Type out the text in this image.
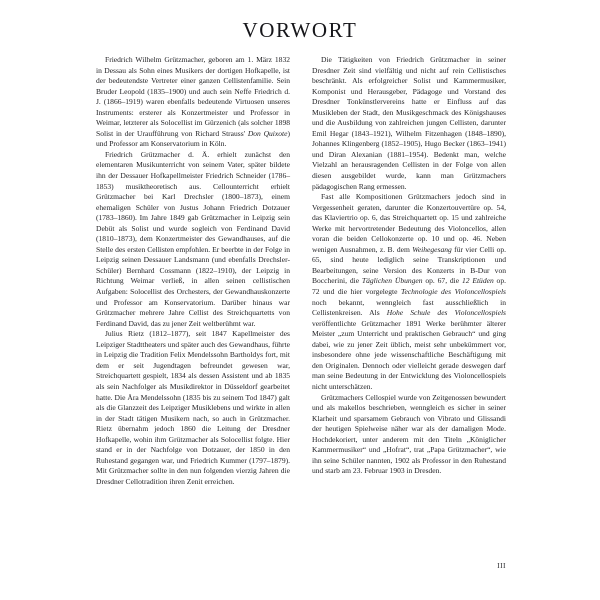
VORWORT

Friedrich Wilhelm Grützmacher, geboren am 1. März 1832 in Dessau als Sohn eines Musikers der dortigen Hofkapelle, ist der bedeutendste Vertreter einer ganzen Cellistenfamilie. Sein Bruder Leopold (1835–1900) und auch sein Neffe Friedrich d. J. (1866–1919) waren ebenfalls bedeutende Virtuosen unseres Instruments: ersterer als Konzertmeister und Professor in Weimar, letzterer als Solocellist im Gürzenich (als solcher 1898 Solist in der Uraufführung von Richard Strauss' Don Quixote) und Professor am Konservatorium in Köln.

Friedrich Grützmacher d. Ä. erhielt zunächst den elementaren Musikunterricht von seinem Vater, später bildete ihn der Dessauer Hofkapellmeister Friedrich Schneider (1786–1853) musiktheoretisch aus. Cellounterricht erhielt Grützmacher bei Karl Drechsler (1800–1873), einem ehemaligen Schüler von Justus Johann Friedrich Dotzauer (1783–1860). Im Jahre 1849 gab Grützmacher in Leipzig sein Debüt als Solist und wurde sogleich von Ferdinand David (1810–1873), dem Konzertmeister des Gewandhauses, auf die Stelle des ersten Cellisten empfohlen. Er beerbte in der Folge in Leipzig seinen Dessauer Landsmann (und ebenfalls Drechsler-Schüler) Bernhard Cossmann (1822–1910), der Leipzig in Richtung Weimar verließ, in allen seinen cellistischen Aufgaben: Solocellist des Orchesters, der Gewandhauskonzerte und Professor am Konservatorium. Darüber hinaus war Grützmacher mehrere Jahre Cellist des Streichquartetts von Ferdinand David, das zu jener Zeit weltberühmt war.

Julius Rietz (1812–1877), seit 1847 Kapellmeister des Leipziger Stadttheaters und später auch des Gewandhaus, führte in Leipzig die Tradition Felix Mendelssohn Bartholdys fort, mit dem er seit Jugendtagen befreundet gewesen war, Streichquartett gespielt, 1834 als dessen Assistent und ab 1835 als sein Nachfolger als Musikdirektor in Düsseldorf gearbeitet hatte. Die Ära Mendelssohn (1835 bis zu seinem Tod 1847) galt als die Glanzzeit des Leipziger Musiklebens und wirkte in allen in der Stadt tätigen Musikern nach, so auch in Grützmacher. Rietz übernahm jedoch 1860 die Leitung der Dresdner Hofkapelle, wohin ihm Grützmacher als Solocellist folgte. Hier stand er in der Nachfolge von Dotzauer, der 1850 in den Ruhestand gegangen war, und Friedrich Kummer (1797–1879). Mit Grützmacher sollte in den nun folgenden vierzig Jahren die Dresdner Cellotradition ihren Zenit erreichen.

Die Tätigkeiten von Friedrich Grützmacher in seiner Dresdner Zeit sind vielfältig und nicht auf rein Cellistisches beschränkt. Als erfolgreicher Solist und Kammermusiker, Komponist und Herausgeber, Pädagoge und Vorstand des Dresdner Tonkünstlervereins hatte er Einfluss auf das Musikleben der Stadt, den Musikgeschmack des Königshauses und die Ausbildung von zahlreichen jungen Cellisten, darunter Emil Hegar (1843–1921), Wilhelm Fitzenhagen (1848–1890), Johannes Klingenberg (1852–1905), Hugo Becker (1863–1941) und Diran Alexanian (1881–1954). Bedenkt man, welche Vielzahl an herausragenden Cellisten in der Folge von allen diesen ausgebildet wurde, kann man Grützmachers pädagogischen Rang ermessen.

Fast alle Kompositionen Grützmachers jedoch sind in Vergessenheit geraten, darunter die Konzertouvertüre op. 54, das Klaviertrio op. 6, das Streichquartett op. 15 und zahlreiche Werke mit hervortretender Bedeutung des Violoncellos, allen voran die beiden Cellokonzerte op. 10 und op. 46. Neben wenigen Ausnahmen, z. B. dem Weihegesang für vier Celli op. 65, sind heute lediglich seine Transkriptionen und Bearbeitungen, seine Version des Konzerts in B-Dur von Boccherini, die Täglichen Übungen op. 67, die 12 Etüden op. 72 und die hier vorgelegte Technologie des Violoncellospiels noch bekannt, wenngleich fast ausschließlich in Cellistenkreisen. Als Hohe Schule des Violoncellospiels veröffentlichte Grützmacher 1891 Werke berühmter älterer Meister „zum Unterricht und praktischen Gebrauch“ und ging dabei, wie zu jener Zeit üblich, meist sehr unbekümmert vor, insbesondere ohne jede wissenschaftliche Beschäftigung mit den Originalen. Dennoch oder vielleicht gerade deswegen darf man seine Bedeutung in der Entwicklung des Violoncellospiels nicht unterschätzen.

Grützmachers Cellospiel wurde von Zeitgenossen bewundert und als makellos beschrieben, wenngleich es sicher in seiner Klarheit und sparsamem Gebrauch von Vibrato und Glissandi der heutigen Spielweise näher war als der damaligen Mode. Hochdekoriert, unter anderem mit den Titeln „Königlicher Kammermusiker“ und „Hofrat“, trat „Papa Grützmacher“, wie ihn seine Schüler nannten, 1902 als Professor in den Ruhestand und starb am 23. Februar 1903 in Dresden.

III
